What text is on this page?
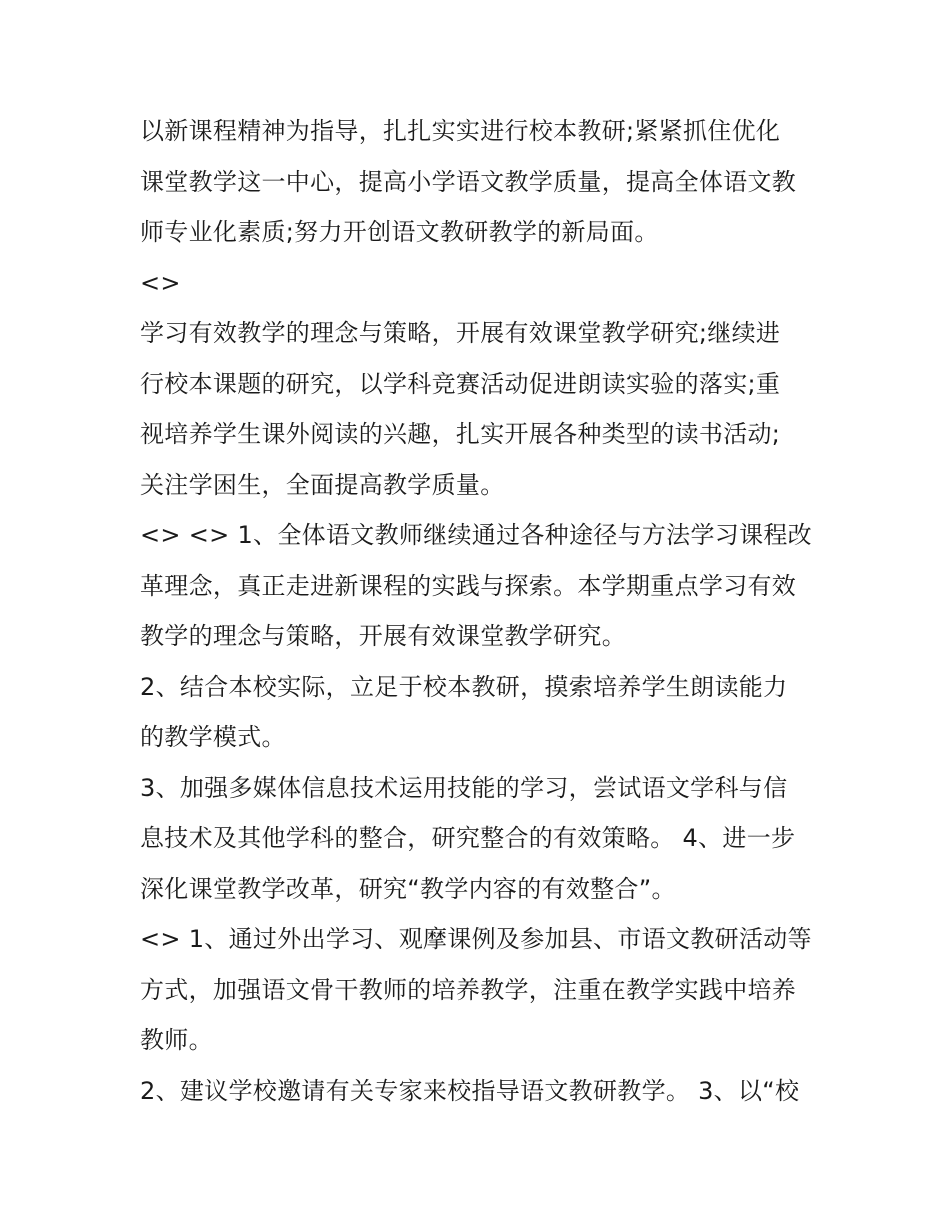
以新课程精神为指导，扎扎实实进行校本教研;紧紧抓住优化
课堂教学这一中心，提高小学语文教学质量，提高全体语文教
师专业化素质;努力开创语文教研教学的新局面。
<>
学习有效教学的理念与策略，开展有效课堂教学研究;继续进
行校本课题的研究，以学科竞赛活动促进朗读实验的落实;重
视培养学生课外阅读的兴趣，扎实开展各种类型的读书活动;
关注学困生，全面提高教学质量。
<> <> 1、全体语文教师继续通过各种途径与方法学习课程改
革理念，真正走进新课程的实践与探索。本学期重点学习有效
教学的理念与策略，开展有效课堂教学研究。
2、结合本校实际，立足于校本教研，摸索培养学生朗读能力
的教学模式。
3、加强多媒体信息技术运用技能的学习，尝试语文学科与信
息技术及其他学科的整合，研究整合的有效策略。 4、进一步
深化课堂教学改革，研究“教学内容的有效整合”。
<> 1、通过外出学习、观摩课例及参加县、市语文教研活动等
方式，加强语文骨干教师的培养教学，注重在教学实践中培养
教师。
2、建议学校邀请有关专家来校指导语文教研教学。 3、以“校
